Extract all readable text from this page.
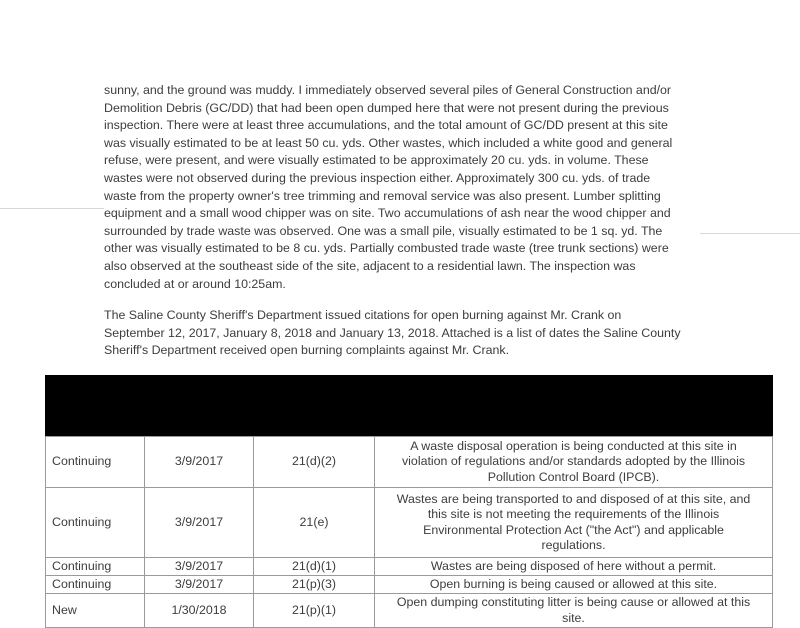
sunny, and the ground was muddy. I immediately observed several piles of General Construction and/or
Demolition Debris (GC/DD) that had been open dumped here that were not present during the previous
inspection. There were at least three accumulations, and the total amount of GC/DD present at this site
was visually estimated to be at least 50 cu. yds. Other wastes, which included a white good and general
refuse, were present, and were visually estimated to be approximately 20 cu. yds. in volume. These
wastes were not observed during the previous inspection either. Approximately 300 cu. yds. of trade
waste from the property owner's tree trimming and removal service was also present. Lumber splitting
equipment and a small wood chipper was on site. Two accumulations of ash near the wood chipper and
surrounded by trade waste was observed. One was a small pile, visually estimated to be 1 sq. yd. The
other was visually estimated to be 8 cu. yds. Partially combusted trade waste (tree trunk sections) were
also observed at the southeast side of the site, adjacent to a residential lawn. The inspection was
concluded at or around 10:25am.
The Saline County Sheriff's Department issued citations for open burning against Mr. Crank on
September 12, 2017, January 8, 2018 and January 13, 2018. Attached is a list of dates the Saline County
Sheriff's Department received open burning complaints against Mr. Crank.
Continuing	3/9/2017	21(d)(2)	A waste disposal operation is being conducted at this site in
violation of regulations and/or standards adopted by the Illinois
Pollution Control Board (IPCB).

Continuing	3/9/2017	21(e)	Wastes are being transported to and disposed of at this site, and
this site is not meeting the requirements of the Illinois
Environmental Protection Act ("the Act") and applicable
regulations.

Continuing	3/9/2017	21(d)(1)	Wastes are being disposed of here without a permit.

Continuing	3/9/2017	21(p)(3)	Open burning is being caused or allowed at this site.

New	1/30/2018	21(p)(1)	Open dumping constituting litter is being cause or allowed at this
site.
